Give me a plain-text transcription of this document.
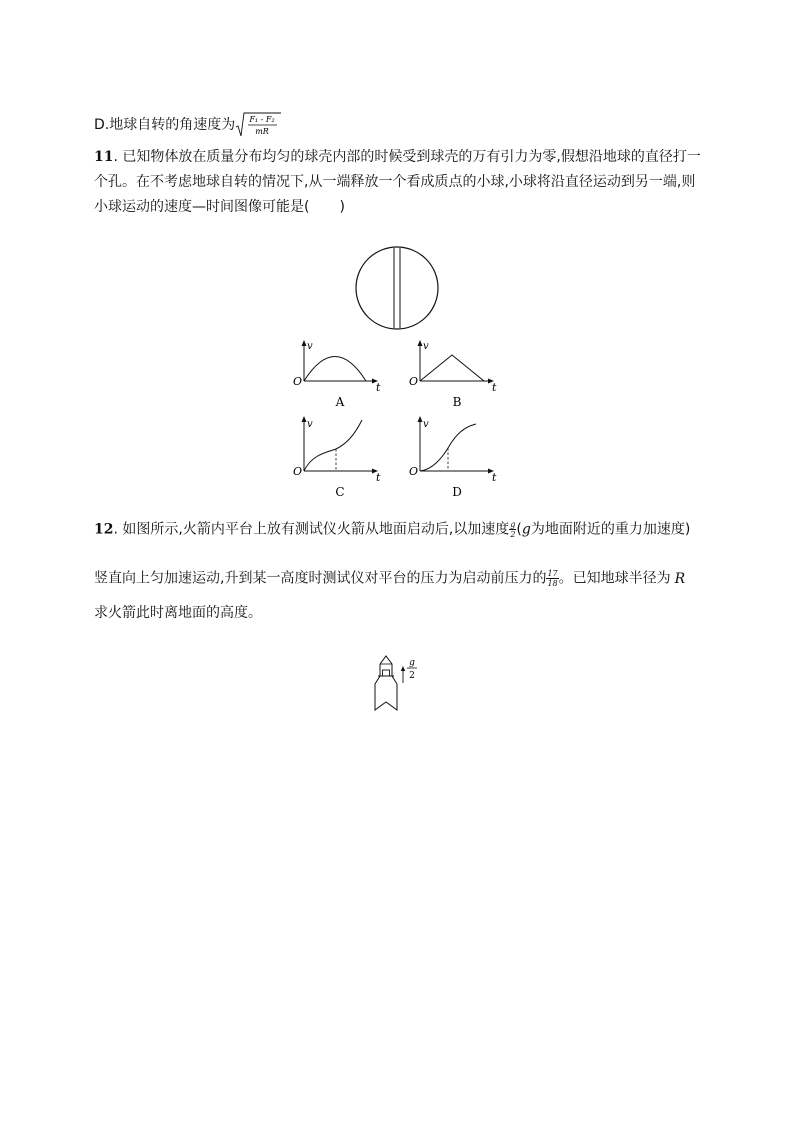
D.地球自转的角速度为 F₁ - F₂
mR
11. 已知物体放在质量分布均匀的球壳内部的时候受到球壳的万有引力为零,假想沿地球的直径打一
个孔。在不考虑地球自转的情况下,从一端释放一个看成质点的小球,小球将沿直径运动到另一端,则
小球运动的速度—时间图像可能是( )
v
O	t
A
v
O	t
B
v
O	t
C
v
O	t
D
12. 如图所示,火箭内平台上放有测试仪火箭从地面启动后,以加速度 $\frac{g}{2} (g$为地面附近的重力加速度)
竖直向上匀加速运动,升到某一高度时测试仪对平台的压力为启动前压力的 $\frac{17}{18}$ 。已知地球半径为 R
求火箭此时离地面的高度。
g
2
